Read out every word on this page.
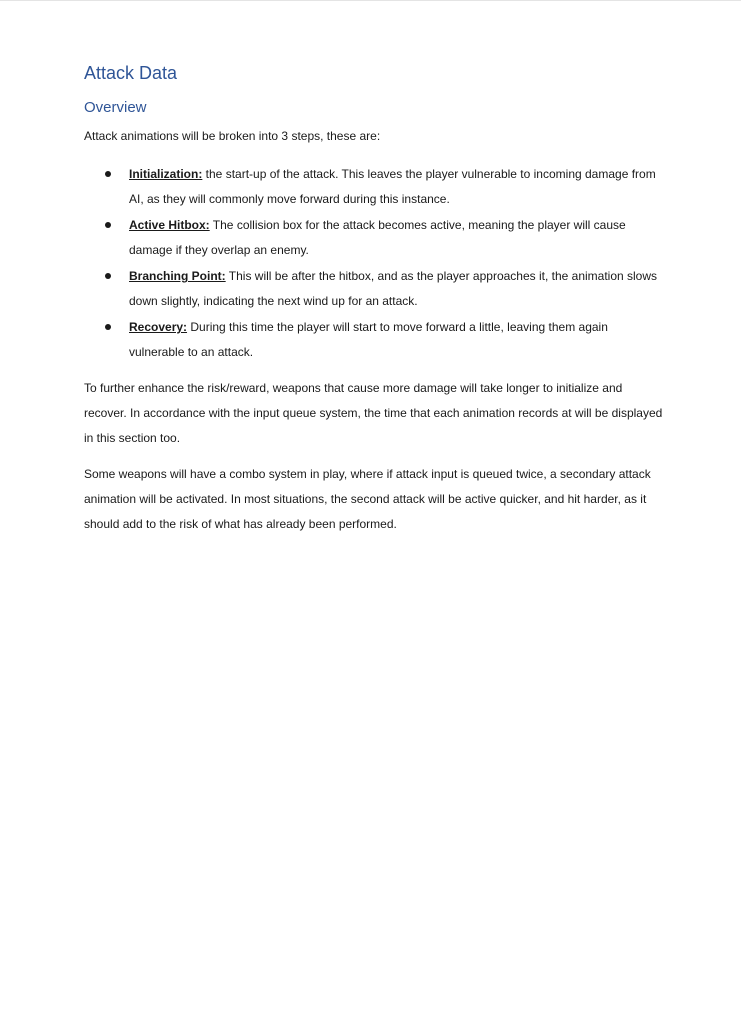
Attack Data
Overview

Attack animations will be broken into 3 steps, these are:

Initialization: the start-up of the attack. This leaves the player vulnerable to incoming damage from AI, as they will commonly move forward during this instance.
Active Hitbox: The collision box for the attack becomes active, meaning the player will cause damage if they overlap an enemy.
Branching Point: This will be after the hitbox, and as the player approaches it, the animation slows down slightly, indicating the next wind up for an attack.
Recovery: During this time the player will start to move forward a little, leaving them again vulnerable to an attack.

To further enhance the risk/reward, weapons that cause more damage will take longer to initialize and recover. In accordance with the input queue system, the time that each animation records at will be displayed in this section too.

Some weapons will have a combo system in play, where if attack input is queued twice, a secondary attack animation will be activated. In most situations, the second attack will be active quicker, and hit harder, as it should add to the risk of what has already been performed.
